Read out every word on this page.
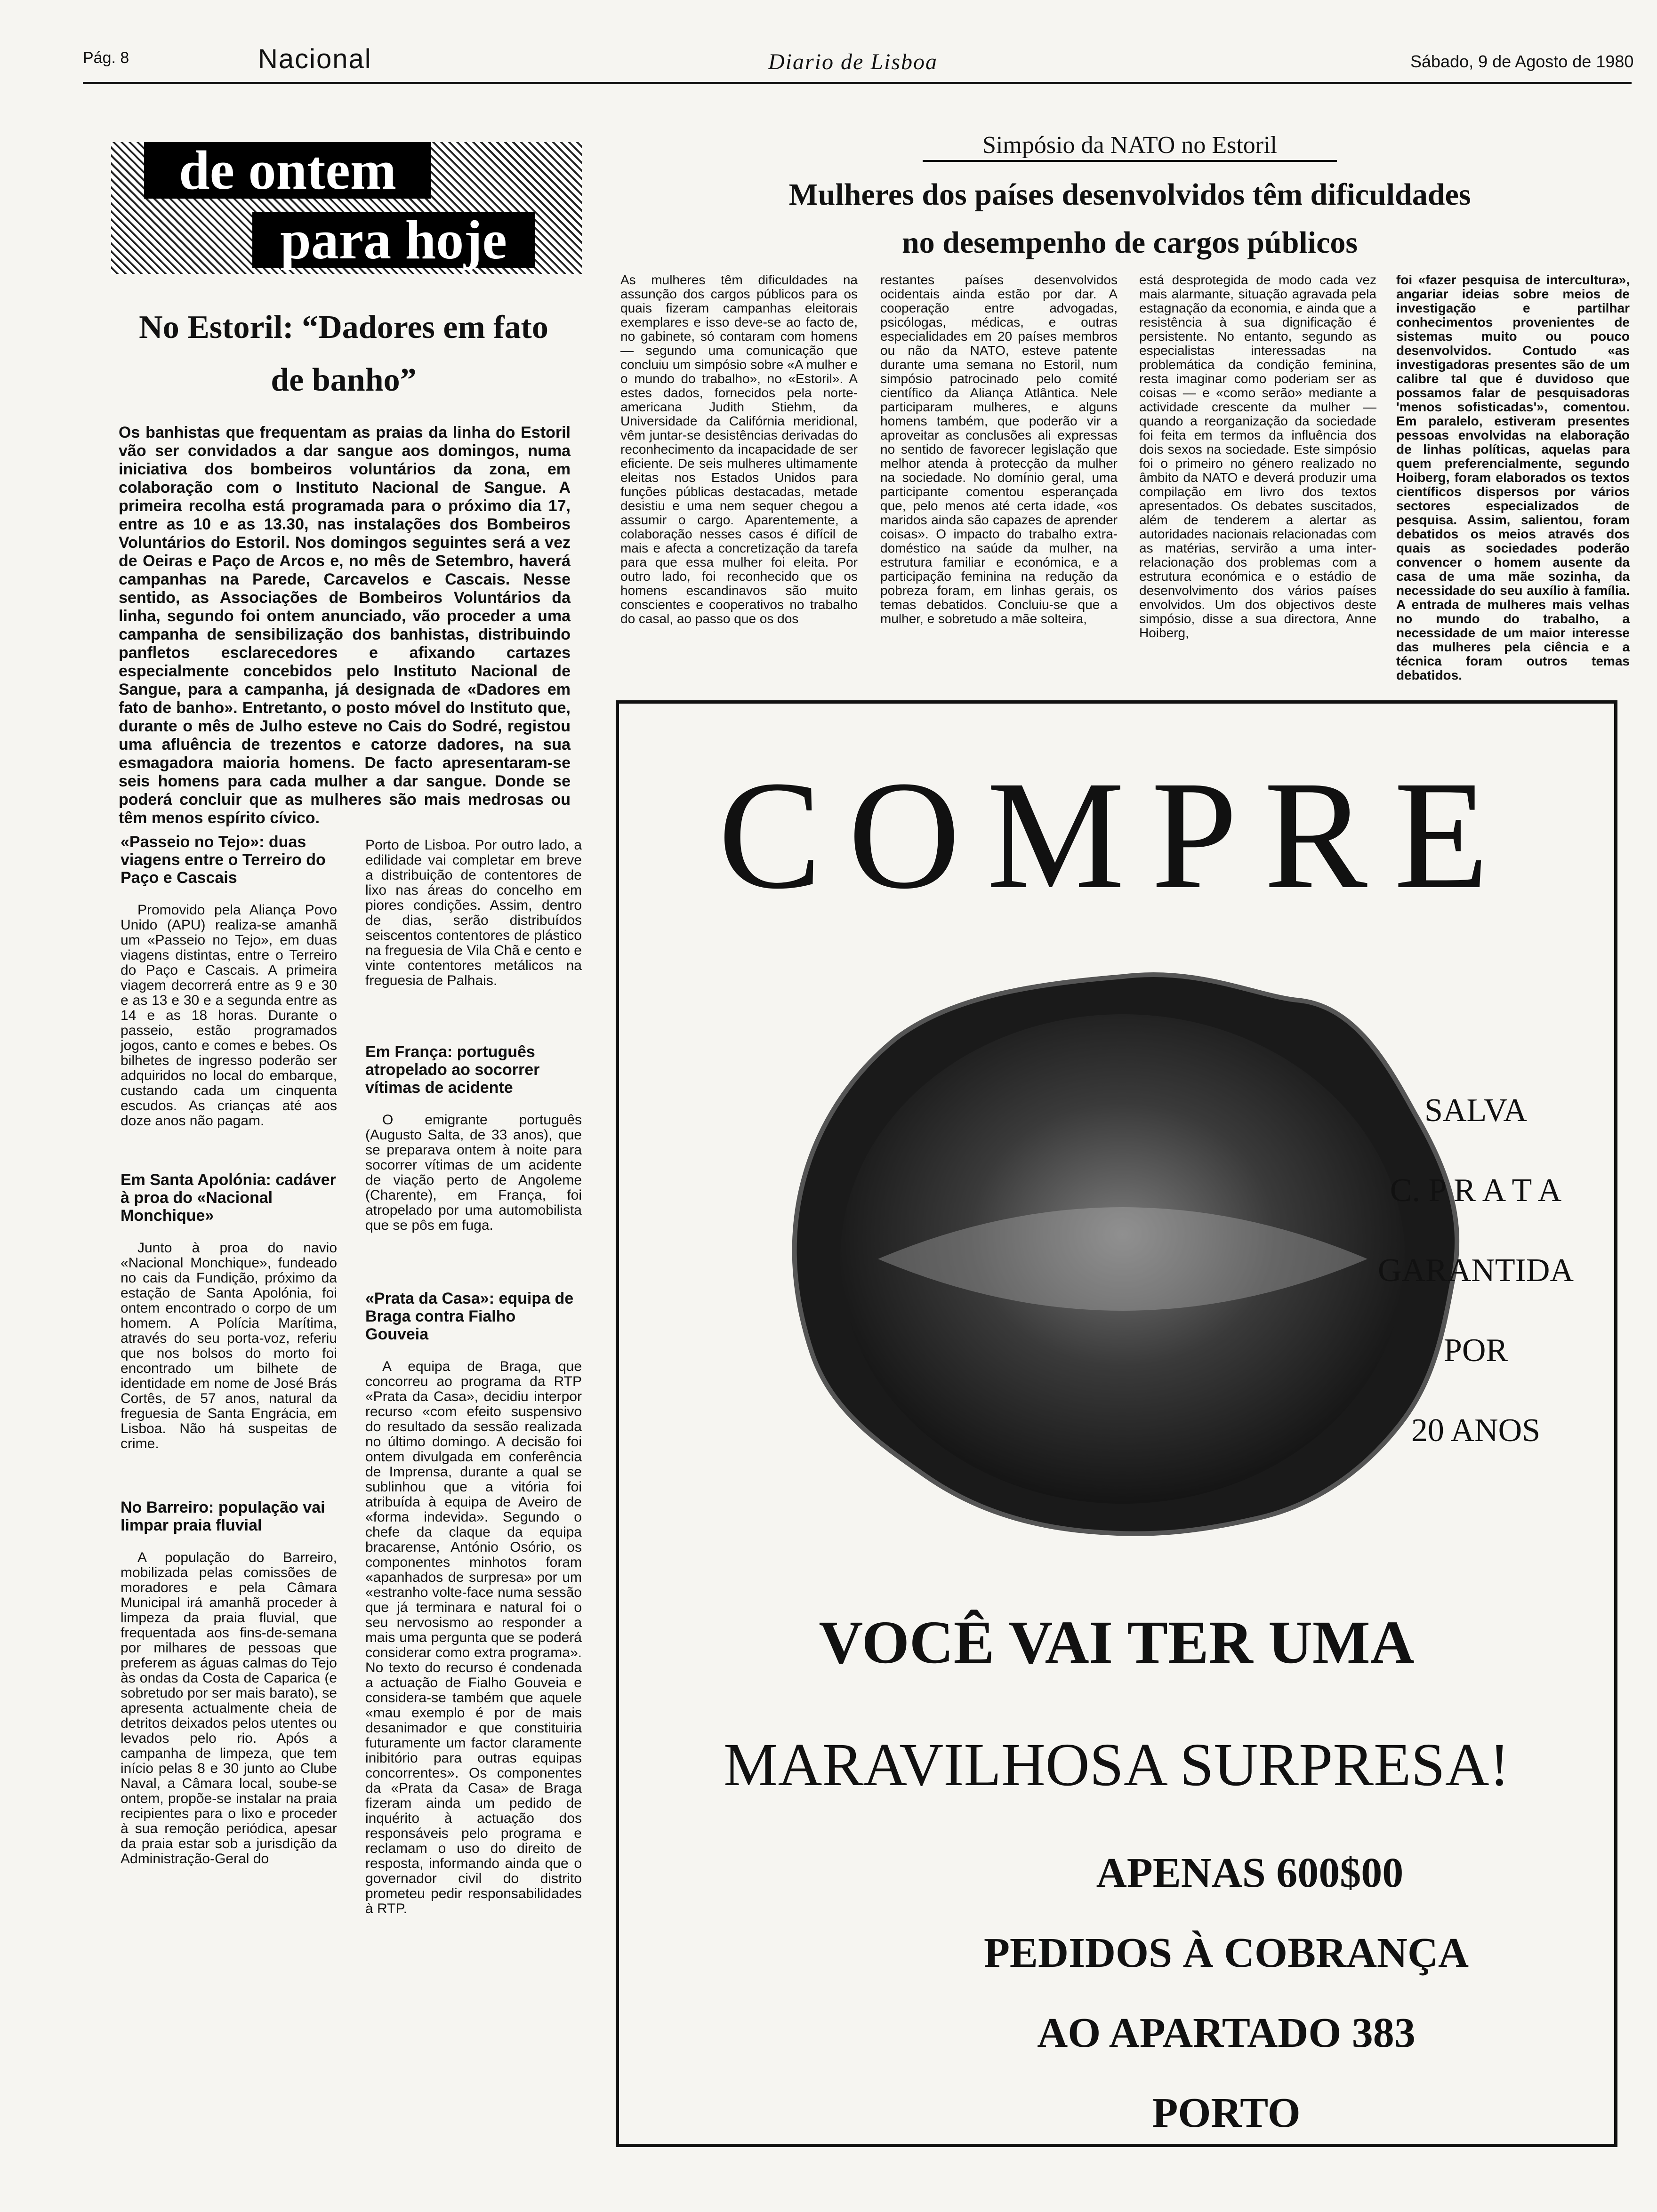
Pág. 8	Nacional	Diario de Lisboa	Sábado, 9 de Agosto de 1980
de ontem
para hoje
No Estoril: “Dadores em fato de banho”
Os banhistas que frequentam as praias da linha do Estoril vão ser convidados a dar sangue aos domingos, numa iniciativa dos bombeiros voluntários da zona, em colaboração com o Instituto Nacional de Sangue. A primeira recolha está programada para o próximo dia 17, entre as 10 e as 13.30, nas instalações dos Bombeiros Voluntários do Estoril. Nos domingos seguintes será a vez de Oeiras e Paço de Arcos e, no mês de Setembro, haverá campanhas na Parede, Carcavelos e Cascais. Nesse sentido, as Associações de Bombeiros Voluntários da linha, segundo foi ontem anunciado, vão proceder a uma campanha de sensibilização dos banhistas, distribuindo panfletos esclarecedores e afixando cartazes especialmente concebidos pelo Instituto Nacional de Sangue, para a campanha, já designada de «Dadores em fato de banho». Entretanto, o posto móvel do Instituto que, durante o mês de Julho esteve no Cais do Sodré, registou uma afluência de trezentos e catorze dadores, na sua esmagadora maioria homens. De facto apresentaram-se seis homens para cada mulher a dar sangue. Donde se poderá concluir que as mulheres são mais medrosas ou têm menos espírito cívico.
«Passeio no Tejo»: duas viagens entre o Terreiro do Paço e Cascais
Promovido pela Aliança Povo Unido (APU) realiza-se amanhã um «Passeio no Tejo», em duas viagens distintas, entre o Terreiro do Paço e Cascais. A primeira viagem decorrerá entre as 9 e 30 e as 13 e 30 e a segunda entre as 14 e as 18 horas. Durante o passeio, estão programados jogos, canto e comes e bebes. Os bilhetes de ingresso poderão ser adquiridos no local do embarque, custando cada um cinquenta escudos. As crianças até aos doze anos não pagam.
Em Santa Apolónia: cadáver à proa do «Nacional Monchique»
Junto à proa do navio «Nacional Monchique», fundeado no cais da Fundição, próximo da estação de Santa Apolónia, foi ontem encontrado o corpo de um homem. A Polícia Marítima, através do seu porta-voz, referiu que nos bolsos do morto foi encontrado um bilhete de identidade em nome de José Brás Cortês, de 57 anos, natural da freguesia de Santa Engrácia, em Lisboa. Não há suspeitas de crime.
No Barreiro: população vai limpar praia fluvial
A população do Barreiro, mobilizada pelas comissões de moradores e pela Câmara Municipal irá amanhã proceder à limpeza da praia fluvial, que frequentada aos fins-de-semana por milhares de pessoas que preferem as águas calmas do Tejo às ondas da Costa de Caparica (e sobretudo por ser mais barato), se apresenta actualmente cheia de detritos deixados pelos utentes ou levados pelo rio. Após a campanha de limpeza, que tem início pelas 8 e 30 junto ao Clube Naval, a Câmara local, soube-se ontem, propõe-se instalar na praia recipientes para o lixo e proceder à sua remoção periódica, apesar da praia estar sob a jurisdição da Administração-Geral do
Porto de Lisboa. Por outro lado, a edilidade vai completar em breve a distribuição de contentores de lixo nas áreas do concelho em piores condições. Assim, dentro de dias, serão distribuídos seiscentos contentores de plástico na freguesia de Vila Chã e cento e vinte contentores metálicos na freguesia de Palhais.
Em França: português atropelado ao socorrer vítimas de acidente
O emigrante português (Augusto Salta, de 33 anos), que se preparava ontem à noite para socorrer vítimas de um acidente de viação perto de Angoleme (Charente), em França, foi atropelado por uma automobilista que se pôs em fuga.
«Prata da Casa»: equipa de Braga contra Fialho Gouveia
A equipa de Braga, que concorreu ao programa da RTP «Prata da Casa», decidiu interpor recurso «com efeito suspensivo do resultado da sessão realizada no último domingo. A decisão foi ontem divulgada em conferência de Imprensa, durante a qual se sublinhou que a vitória foi atribuída à equipa de Aveiro de «forma indevida». Segundo o chefe da claque da equipa bracarense, António Osório, os componentes minhotos foram «apanhados de surpresa» por um «estranho volte-face numa sessão que já terminara e natural foi o seu nervosismo ao responder a mais uma pergunta que se poderá considerar como extra programa». No texto do recurso é condenada a actuação de Fialho Gouveia e considera-se também que aquele «mau exemplo é por de mais desanimador e que constituiria futuramente um factor claramente inibitório para outras equipas concorrentes». Os componentes da «Prata da Casa» de Braga fizeram ainda um pedido de inquérito à actuação dos responsáveis pelo programa e reclamam o uso do direito de resposta, informando ainda que o governador civil do distrito prometeu pedir responsabilidades à RTP.
Simpósio da NATO no Estoril
Mulheres dos países desenvolvidos têm dificuldades
no desempenho de cargos públicos
As mulheres têm dificuldades na assunção dos cargos públicos para os quais fizeram campanhas eleitorais exemplares e isso deve-se ao facto de, no gabinete, só contaram com homens — segundo uma comunicação que concluiu um simpósio sobre «A mulher e o mundo do trabalho», no «Estoril». A estes dados, fornecidos pela norte-americana Judith Stiehm, da Universidade da Califórnia meridional, vêm juntar-se desistências derivadas do reconhecimento da incapacidade de ser eficiente. De seis mulheres ultimamente eleitas nos Estados Unidos para funções públicas destacadas, metade desistiu e uma nem sequer chegou a assumir o cargo. Aparentemente, a colaboração nesses casos é difícil de mais e afecta a concretização da tarefa para que essa mulher foi eleita. Por outro lado, foi reconhecido que os homens escandinavos são muito conscientes e cooperativos no trabalho do casal, ao passo que os dos
restantes países desenvolvidos ocidentais ainda estão por dar. A cooperação entre advogadas, psicólogas, médicas, e outras especialidades em 20 países membros ou não da NATO, esteve patente durante uma semana no Estoril, num simpósio patrocinado pelo comité científico da Aliança Atlântica. Nele participaram mulheres, e alguns homens também, que poderão vir a aproveitar as conclusões ali expressas no sentido de favorecer legislação que melhor atenda à protecção da mulher na sociedade. No domínio geral, uma participante comentou esperançada que, pelo menos até certa idade, «os maridos ainda são capazes de aprender coisas». O impacto do trabalho extra-doméstico na saúde da mulher, na estrutura familiar e económica, e a participação feminina na redução da pobreza foram, em linhas gerais, os temas debatidos. Concluiu-se que a mulher, e sobretudo a mãe solteira,
está desprotegida de modo cada vez mais alarmante, situação agravada pela estagnação da economia, e ainda que a resistência à sua dignificação é persistente. No entanto, segundo as especialistas interessadas na problemática da condição feminina, resta imaginar como poderiam ser as coisas — e «como serão» mediante a actividade crescente da mulher — quando a reorganização da sociedade foi feita em termos da influência dos dois sexos na sociedade. Este simpósio foi o primeiro no género realizado no âmbito da NATO e deverá produzir uma compilação em livro dos textos apresentados. Os debates suscitados, além de tenderem a alertar as autoridades nacionais relacionadas com as matérias, servirão a uma inter-relacionação dos problemas com a estrutura económica e o estádio de desenvolvimento dos vários países envolvidos. Um dos objectivos deste simpósio, disse a sua directora, Anne Hoiberg,
foi «fazer pesquisa de intercultura», angariar ideias sobre meios de investigação e partilhar conhecimentos provenientes de sistemas muito ou pouco desenvolvidos. Contudo «as investigadoras presentes são de um calibre tal que é duvidoso que possamos falar de pesquisadoras 'menos sofisticadas'», comentou. Em paralelo, estiveram presentes pessoas envolvidas na elaboração de linhas políticas, aquelas para quem preferencialmente, segundo Hoiberg, foram elaborados os textos científicos dispersos por vários sectores especializados de pesquisa. Assim, salientou, foram debatidos os meios através dos quais as sociedades poderão convencer o homem ausente da casa de uma mãe sozinha, da necessidade do seu auxílio à família. A entrada de mulheres mais velhas no mundo do trabalho, a necessidade de um maior interesse das mulheres pela ciência e a técnica foram outros temas debatidos.
COMPRE
SALVA
C. P R A T A
GARANTIDA
POR
20 ANOS
VOCÊ VAI TER UMA
MARAVILHOSA SURPRESA!
APENAS 600$00
PEDIDOS À COBRANÇA
AO APARTADO 383
PORTO
